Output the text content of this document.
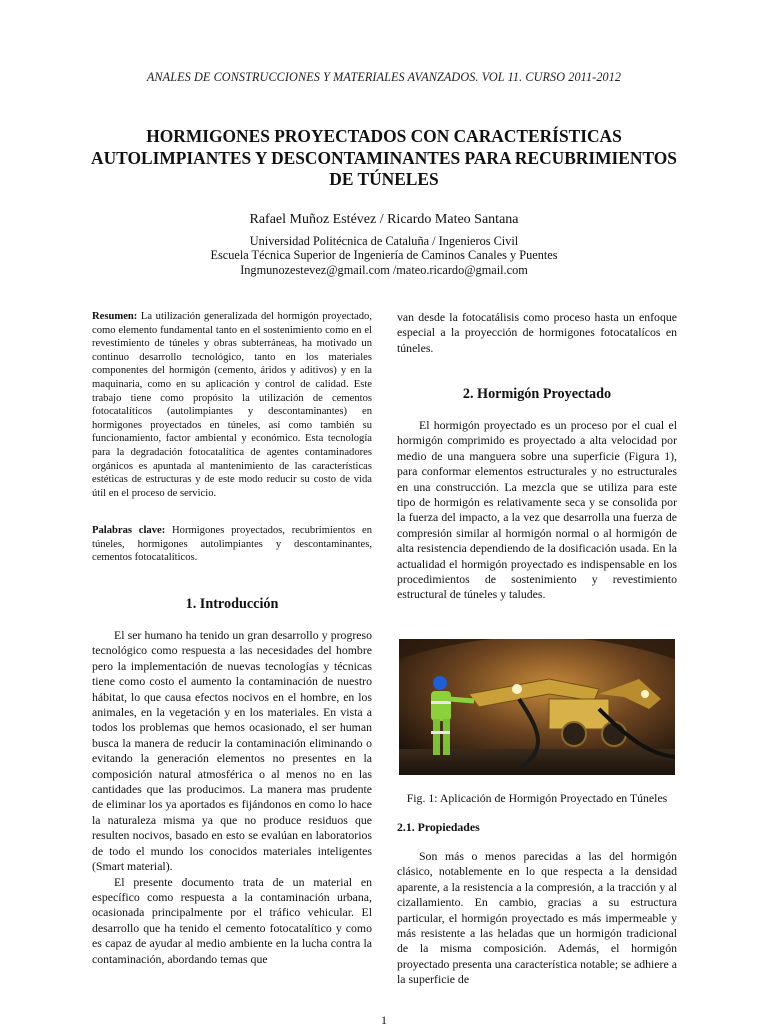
ANALES DE CONSTRUCCIONES Y MATERIALES AVANZADOS. VOL 11. CURSO 2011-2012
HORMIGONES PROYECTADOS CON CARACTERÍSTICAS AUTOLIMPIANTES Y DESCONTAMINANTES PARA RECUBRIMIENTOS DE TÚNELES
Rafael Muñoz Estévez / Ricardo Mateo Santana
Universidad Politécnica de Cataluña / Ingenieros Civil
Escuela Técnica Superior de Ingeniería de Caminos Canales y Puentes
Ingmunozestevez@gmail.com /mateo.ricardo@gmail.com

Resumen: La utilización generalizada del hormigón proyectado, como elemento fundamental tanto en el sostenimiento como en el revestimiento de túneles y obras subterráneas, ha motivado un continuo desarrollo tecnológico, tanto en los materiales componentes del hormigón (cemento, áridos y aditivos) y en la maquinaria, como en su aplicación y control de calidad. Este trabajo tiene como propósito la utilización de cementos fotocatalíticos (autolimpiantes y descontaminantes) en hormigones proyectados en túneles, así como también su funcionamiento, factor ambiental y económico. Esta tecnología para la degradación fotocatalítica de agentes contaminadores orgánicos es apuntada al mantenimiento de las características estéticas de estructuras y de este modo reducir su costo de vida útil en el proceso de servicio.

Palabras clave: Hormigones proyectados, recubrimientos en túneles, hormigones autolimpiantes y descontaminantes, cementos fotocatalíticos.

1. Introducción

El ser humano ha tenido un gran desarrollo y progreso tecnológico como respuesta a las necesidades del hombre pero la implementación de nuevas tecnologías y técnicas tiene como costo el aumento la contaminación de nuestro hábitat, lo que causa efectos nocivos en el hombre, en los animales, en la vegetación y en los materiales. En vista a todos los problemas que hemos ocasionado, el ser human busca la manera de reducir la contaminación eliminando o evitando la generación elementos no presentes en la composición natural atmosférica o al menos no en las cantidades que las producimos. La manera mas prudente de eliminar los ya aportados es fijándonos en como lo hace la naturaleza misma ya que no produce residuos que resulten nocivos, basado en esto se evalúan en laboratorios de todo el mundo los conocidos materiales inteligentes (Smart material).

El presente documento trata de un material en específico como respuesta a la contaminación urbana, ocasionada principalmente por el tráfico vehicular. El desarrollo que ha tenido el cemento fotocatalítico y como es capaz de ayudar al medio ambiente en la lucha contra la contaminación, abordando temas que

van desde la fotocatálisis como proceso hasta un enfoque especial a la proyección de hormigones fotocatalícos en túneles.

2. Hormigón Proyectado

El hormigón proyectado es un proceso por el cual el hormigón comprimido es proyectado a alta velocidad por medio de una manguera sobre una superficie (Figura 1), para conformar elementos estructurales y no estructurales en una construcción. La mezcla que se utiliza para este tipo de hormigón es relativamente seca y se consolida por la fuerza del impacto, a la vez que desarrolla una fuerza de compresión similar al hormigón normal o al hormigón de alta resistencia dependiendo de la dosificación usada. En la actualidad el hormigón proyectado es indispensable en los procedimientos de sostenimiento y revestimiento estructural de túneles y taludes.

Fig. 1: Aplicación de Hormigón Proyectado en Túneles
2.1. Propiedades

Son más o menos parecidas a las del hormigón clásico, notablemente en lo que respecta a la densidad aparente, a la resistencia a la compresión, a la tracción y al cizallamiento. En cambio, gracias a su estructura particular, el hormigón proyectado es más impermeable y más resistente a las heladas que un hormigón tradicional de la misma composición. Además, el hormigón proyectado presenta una característica notable; se adhiere a la superficie de

1
